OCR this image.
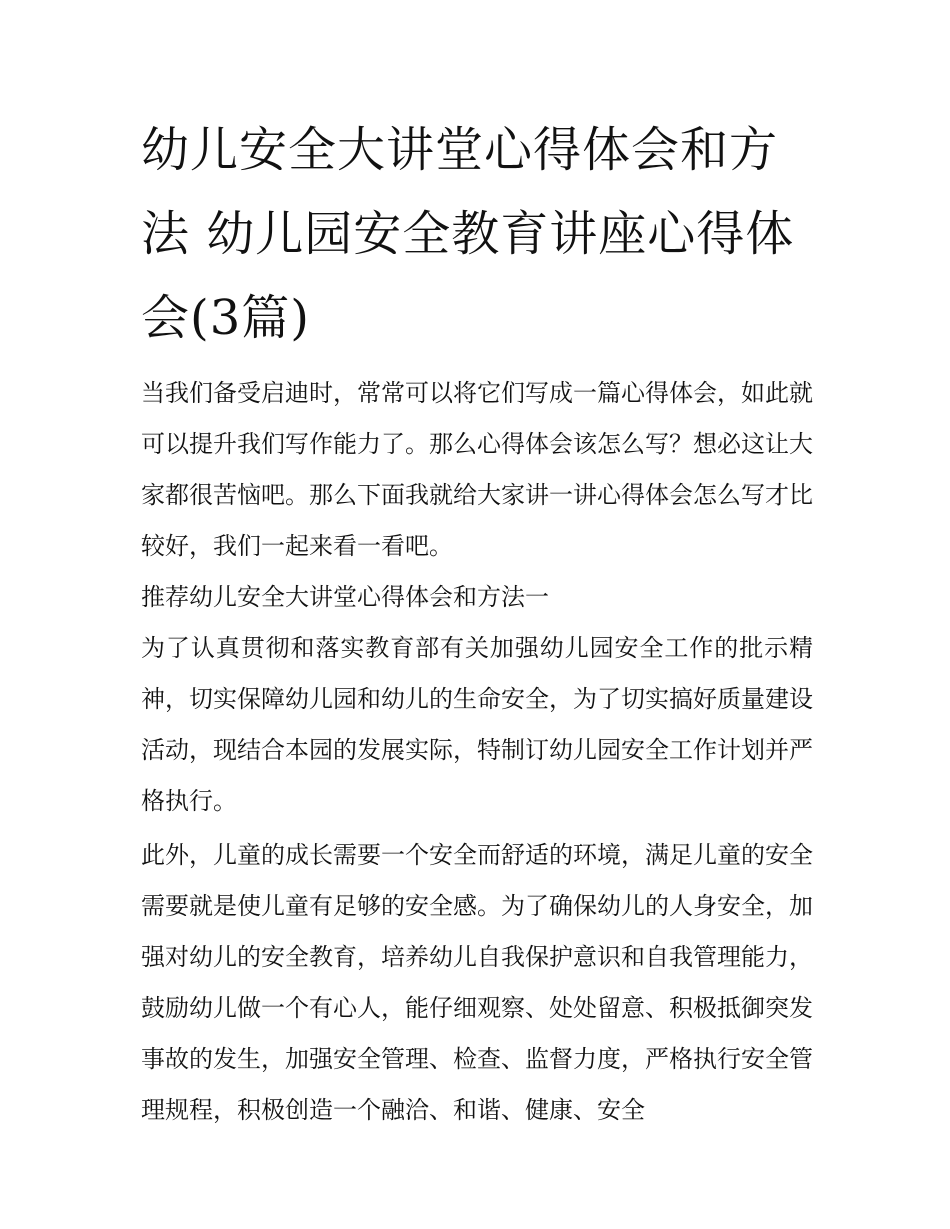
幼儿安全大讲堂心得体会和方法 幼儿园安全教育讲座心得体会(3篇)

当我们备受启迪时，常常可以将它们写成一篇心得体会，如此就可以提升我们写作能力了。那么心得体会该怎么写？想必这让大家都很苦恼吧。那么下面我就给大家讲一讲心得体会怎么写才比较好，我们一起来看一看吧。

推荐幼儿安全大讲堂心得体会和方法一

为了认真贯彻和落实教育部有关加强幼儿园安全工作的批示精神，切实保障幼儿园和幼儿的生命安全，为了切实搞好质量建设活动，现结合本园的发展实际，特制订幼儿园安全工作计划并严格执行。

此外，儿童的成长需要一个安全而舒适的环境，满足儿童的安全需要就是使儿童有足够的安全感。为了确保幼儿的人身安全，加强对幼儿的安全教育，培养幼儿自我保护意识和自我管理能力，鼓励幼儿做一个有心人，能仔细观察、处处留意、积极抵御突发事故的发生，加强安全管理、检查、监督力度，严格执行安全管理规程，积极创造一个融洽、和谐、健康、安全
